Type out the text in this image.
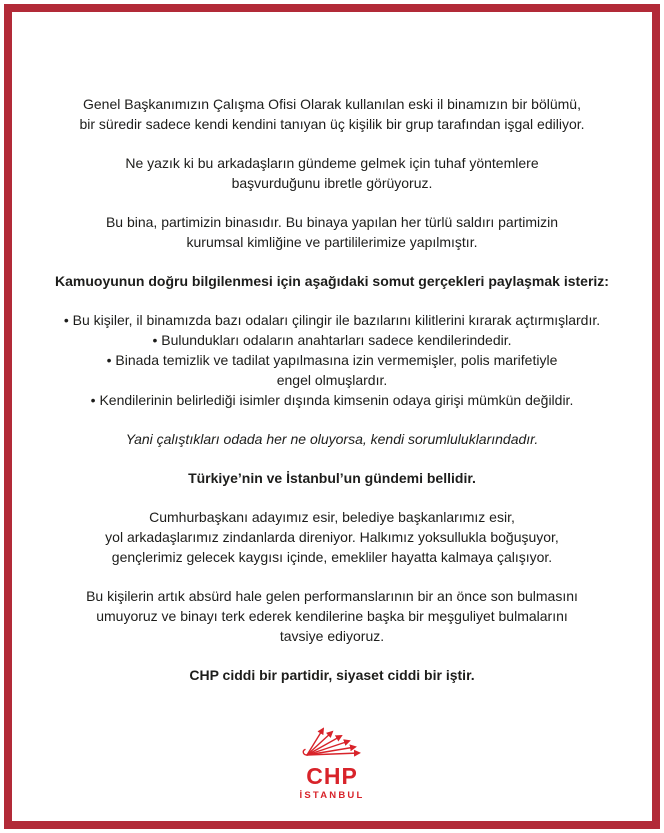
Genel Başkanımızın Çalışma Ofisi Olarak kullanılan eski il binamızın bir bölümü,
bir süredir sadece kendi kendini tanıyan üç kişilik bir grup tarafından işgal ediliyor.

Ne yazık ki bu arkadaşların gündeme gelmek için tuhaf yöntemlere
başvurduğunu ibretle görüyoruz.

Bu bina, partimizin binasıdır. Bu binaya yapılan her türlü saldırı partimizin
kurumsal kimliğine ve partililerimize yapılmıştır.

Kamuoyunun doğru bilgilenmesi için aşağıdaki somut gerçekleri paylaşmak isteriz:

• Bu kişiler, il binamızda bazı odaları çilingir ile bazılarını kilitlerini kırarak açtırmışlardır.

• Bulundukları odaların anahtarları sadece kendilerindedir.

• Binada temizlik ve tadilat yapılmasına izin vermemişler, polis marifetiyle
engel olmuşlardır.

• Kendilerinin belirlediği isimler dışında kimsenin odaya girişi mümkün değildir.

Yani çalıştıkları odada her ne oluyorsa, kendi sorumluluklarındadır.

Türkiye’nin ve İstanbul’un gündemi bellidir.

Cumhurbaşkanı adayımız esir, belediye başkanlarımız esir,
yol arkadaşlarımız zindanlarda direniyor. Halkımız yoksullukla boğuşuyor,
gençlerimiz gelecek kaygısı içinde, emekliler hayatta kalmaya çalışıyor.

Bu kişilerin artık absürd hale gelen performanslarının bir an önce son bulmasını
umuyoruz ve binayı terk ederek kendilerine başka bir meşguliyet bulmalarını
tavsiye ediyoruz.

CHP ciddi bir partidir, siyaset ciddi bir iştir.

CHP
İSTANBUL
